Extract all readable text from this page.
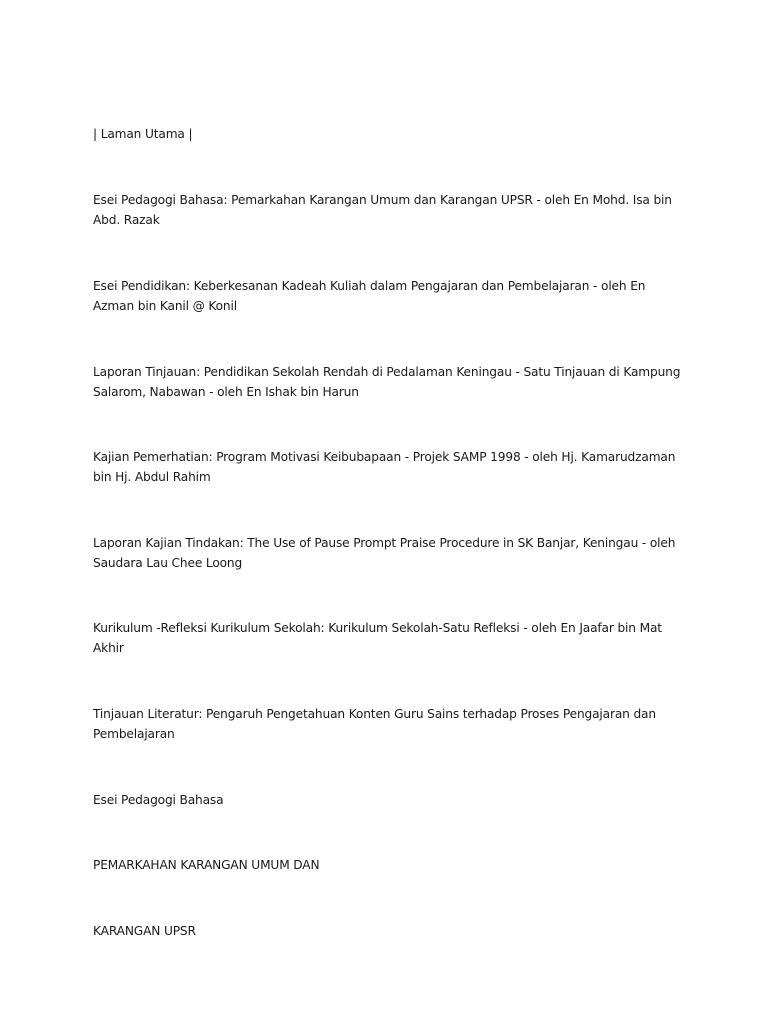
| Laman Utama |

Esei Pedagogi Bahasa: Pemarkahan Karangan Umum dan Karangan UPSR - oleh En Mohd. Isa bin Abd. Razak

Esei Pendidikan: Keberkesanan Kadeah Kuliah dalam Pengajaran dan Pembelajaran - oleh En Azman bin Kanil @ Konil

Laporan Tinjauan: Pendidikan Sekolah Rendah di Pedalaman Keningau - Satu Tinjauan di Kampung Salarom, Nabawan - oleh En Ishak bin Harun

Kajian Pemerhatian: Program Motivasi Keibubapaan - Projek SAMP 1998 - oleh Hj. Kamarudzaman bin Hj. Abdul Rahim

Laporan Kajian Tindakan: The Use of Pause Prompt Praise Procedure in SK Banjar, Keningau - oleh Saudara Lau Chee Loong

Kurikulum -Refleksi Kurikulum Sekolah: Kurikulum Sekolah-Satu Refleksi - oleh En Jaafar bin Mat Akhir

Tinjauan Literatur: Pengaruh Pengetahuan Konten Guru Sains terhadap Proses Pengajaran dan Pembelajaran

Esei Pedagogi Bahasa

PEMARKAHAN KARANGAN UMUM DAN

KARANGAN UPSR
